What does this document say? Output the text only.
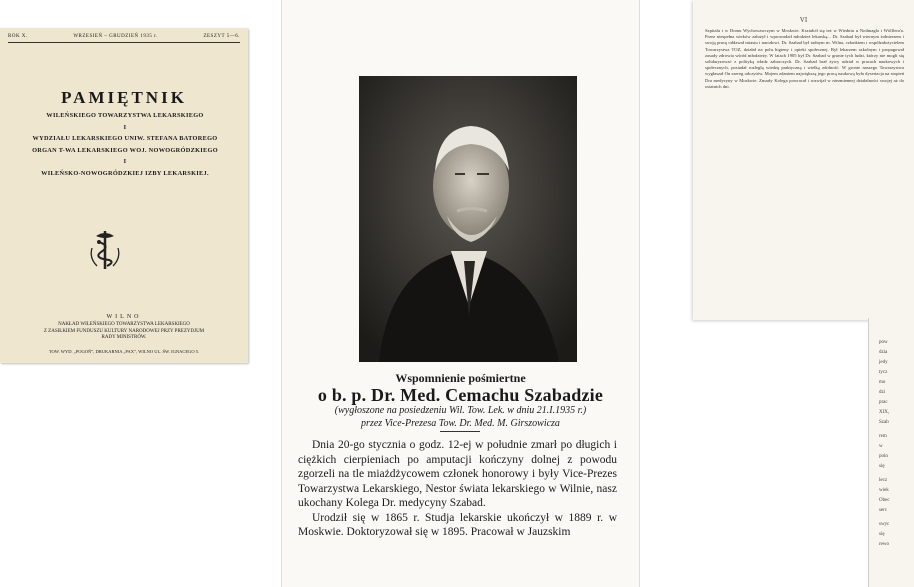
ROK X.	WRZESIEŃ – GRUDZIEŃ 1935 r.	ZESZYT 5—6.
PAMIĘTNIK
WILEŃSKIEGO TOWARZYSTWA LEKARSKIEGO
I
WYDZIAŁU LEKARSKIEGO UNIW. STEFANA BATOREGO
ORGAN T-WA LEKARSKIEGO WOJ. NOWOGRÓDZKIEGO
I
WILEŃSKO-NOWOGRÓDZKIEJ IZBY LEKARSKIEJ.
WILNO
NAKŁAD WILEŃSKIEGO TOWARZYSTWA LEKARSKIEGO
Z ZASIŁKIEM FUNDUSZU KULTURY NARODOWEJ PRZY PREZYDJUM
RADY MINISTRÓW.
TOW. WYD. „POGOŃ”, DRUKARNIA „PAX”, WILNO UL. ŚW. IGNACEGO 5.
Wspomnienie pośmiertne
o b. p. Dr. Med. Cemachu Szabadzie
(wygłoszone na posiedzeniu Wil. Tow. Lek. w dniu 21.I.1935 r.)
przez Vice-Prezesa Tow. Dr. Med. M. Girszowicza

Dnia 20-go stycznia o godz. 12-ej w południe zmarł po długich i ciężkich cierpieniach po amputacji kończyny dolnej z powodu zgorzeli na tle miażdżycowem członek honorowy i były Vice-Prezes Towarzystwa Lekarskiego, Nestor świata lekarskiego w Wilnie, nasz ukochany Kolega Dr. medycyny Szabad.

Urodził się w 1865 r. Studja lekarskie ukończył w 1889 r. w Moskwie. Doktoryzował się w 1895. Pracował w Jauzskim

VI
Szpitalu i w Domu Wychowawczym w Moskwie. Kształcił się też w Wiedniu u Nothnagla i Wölflera'a. Przez niespełna wieków założył i wprowadził młodzież lekarską... Dr. Szabad był wiernym żołnierzem i swoją pracę oddawał miastu i narodowi. Dr. Szabad był radnym m. Wilna, członkiem i współzałożycielem Towarzystwa TOZ, działał na polu higieny i opieki społecznej. Był lekarzem szkolnym i propagował zasady zdrowia wśród młodzieży. W latach 1905 był Dr. Szabad w gronie tych ludzi, którzy nie mogli się solidaryzować z polityką władz zaborczych. Dr. Szabad brał żywy udział w pracach naukowych i społecznych, posiadał rozległą wiedzę praktyczną i wielką zdolność. W gronie naszego Towarzystwa wygłaszał On szereg odczytów. Mojem zdaniem największą jego pracą naukową była dysertacja na stopień Dra medycyny w Moskwie. Zmarły Kolega powracał i rozwijał w niezmiennej działalności swojej aż do ostatnich dni.
pow
dzia
jedy
tycz
mo
dzi
prac
XIX,
Szab
rem
w
poin
się
lecz
wiek
Obec
serc
swyc
się
rewo
